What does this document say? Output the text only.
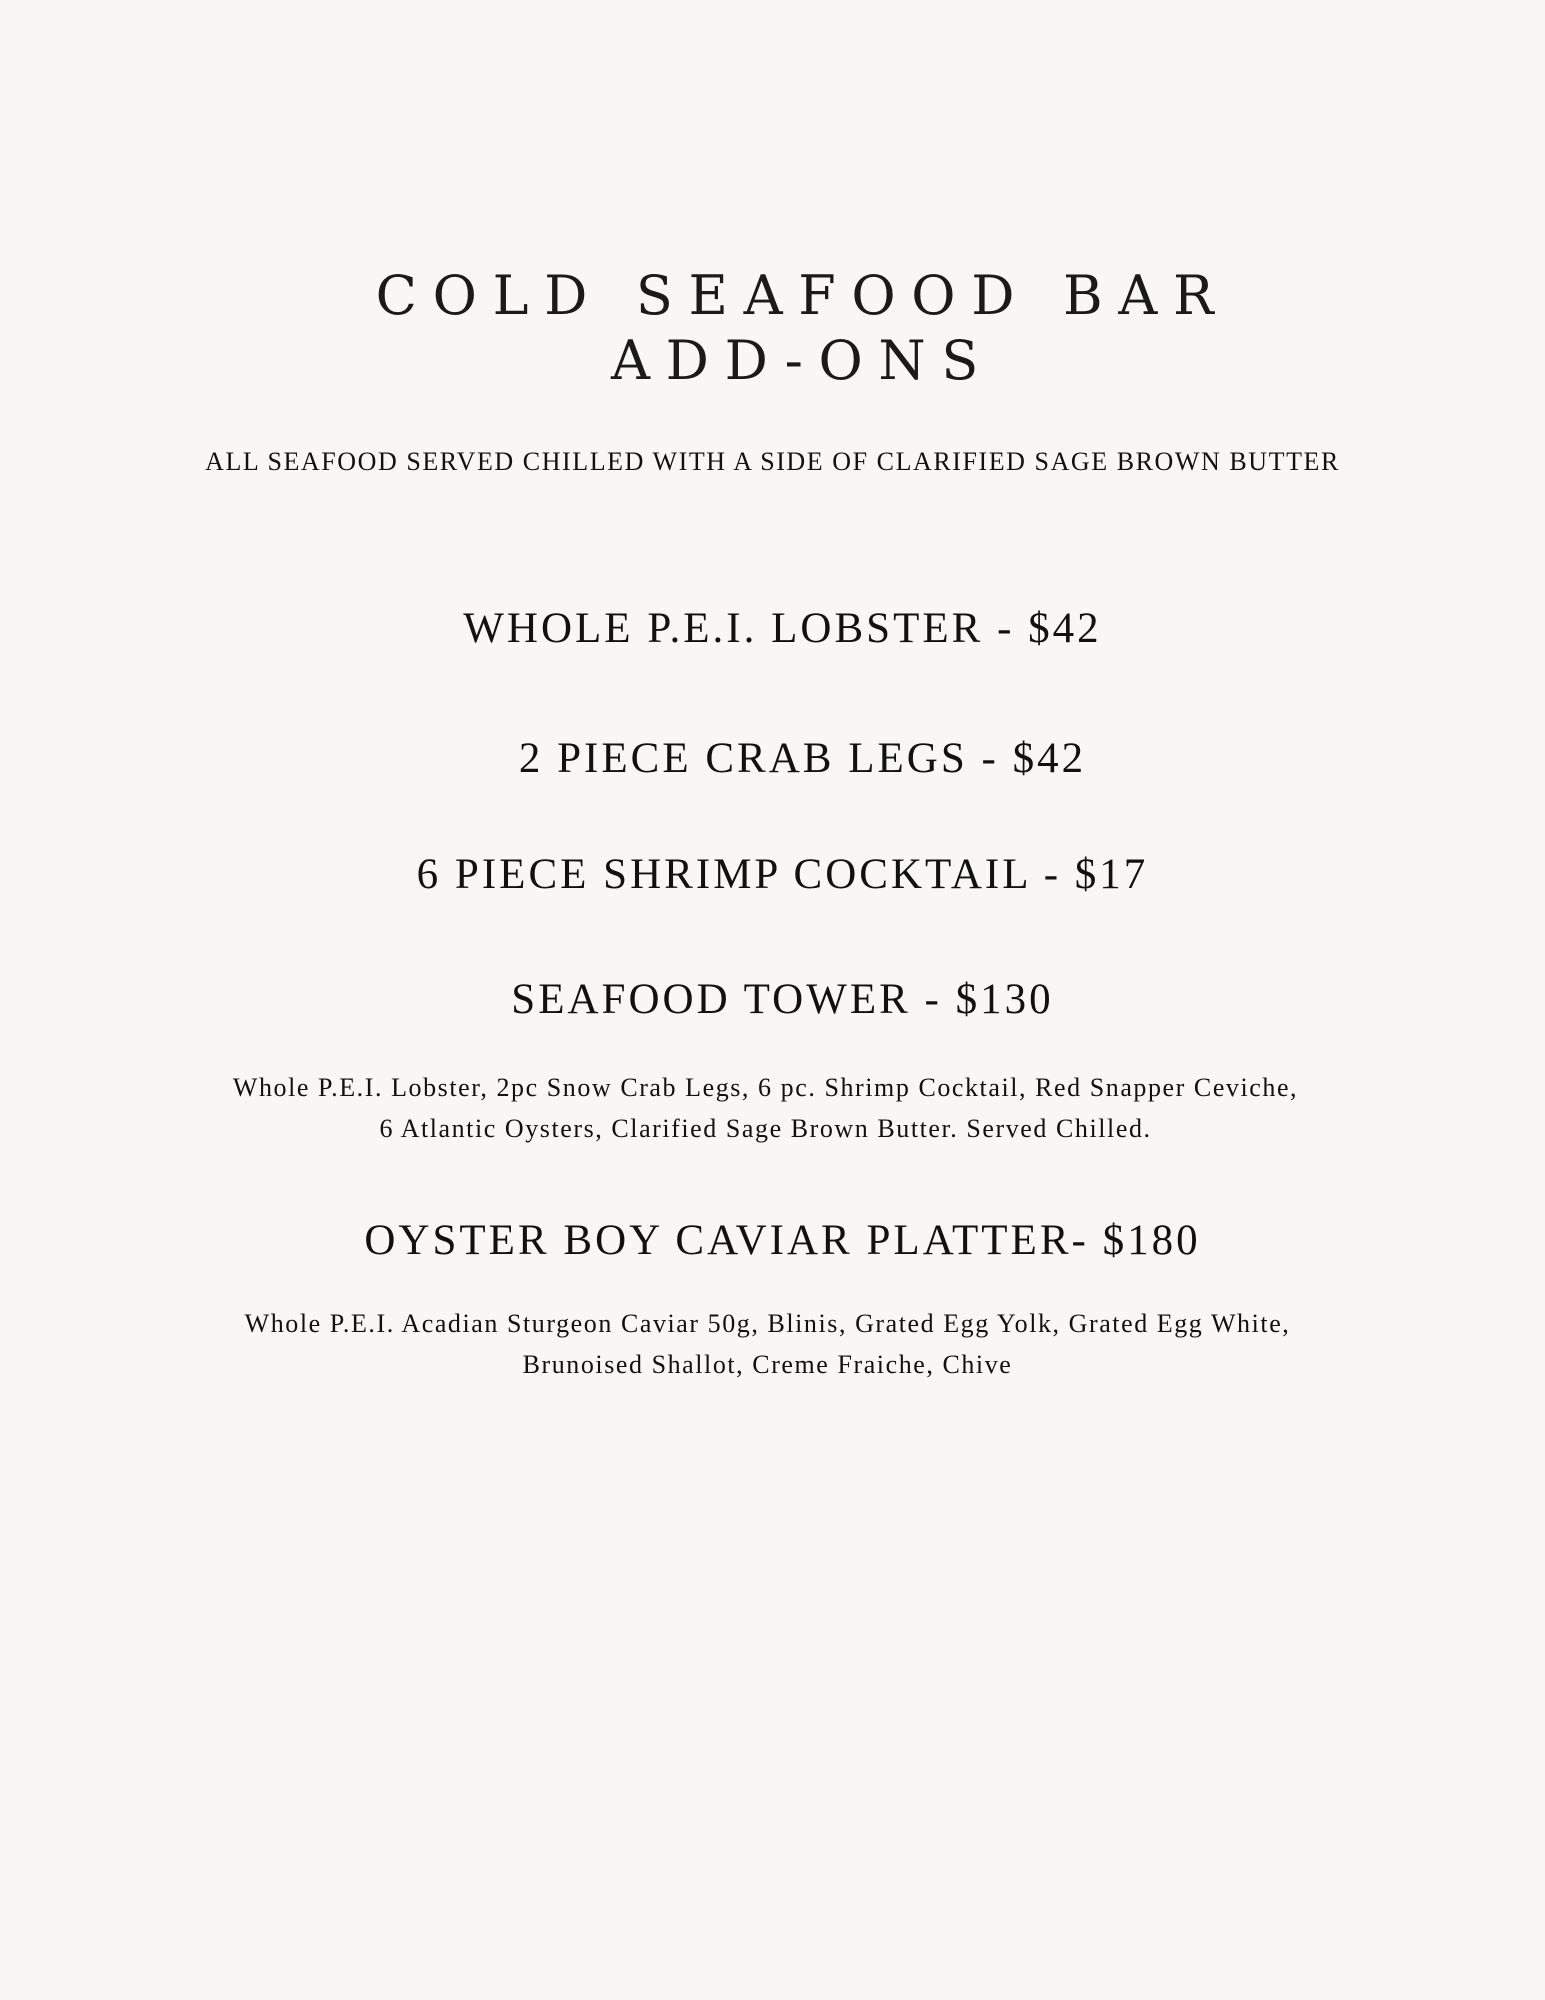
COLD SEAFOOD BAR
ADD-ONS
ALL SEAFOOD SERVED CHILLED WITH A SIDE OF CLARIFIED SAGE BROWN BUTTER
WHOLE P.E.I. LOBSTER - $42
2 PIECE CRAB LEGS - $42
6 PIECE SHRIMP COCKTAIL - $17
SEAFOOD TOWER - $130
Whole P.E.I. Lobster, 2pc Snow Crab Legs, 6 pc. Shrimp Cocktail, Red Snapper Ceviche,
6 Atlantic Oysters, Clarified Sage Brown Butter. Served Chilled.
OYSTER BOY CAVIAR PLATTER- $180
Whole P.E.I. Acadian Sturgeon Caviar 50g, Blinis, Grated Egg Yolk, Grated Egg White,
Brunoised Shallot, Creme Fraiche, Chive
